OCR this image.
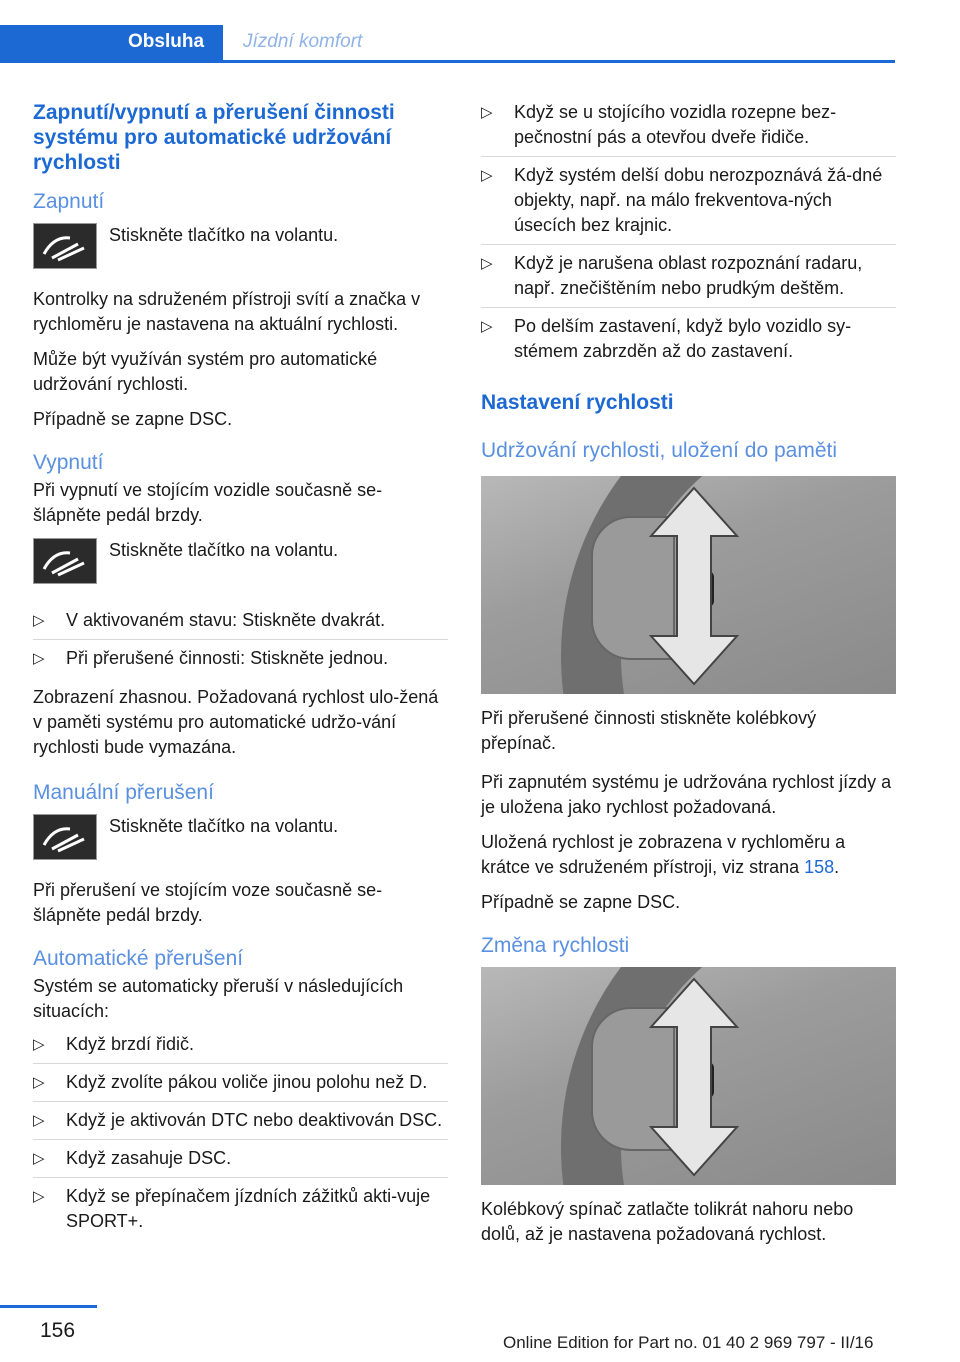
Obsluha Jízdní komfort
Zapnutí/vypnutí a přerušení činnosti systému pro automatické udržování rychlosti
Zapnutí
Stiskněte tlačítko na volantu.

Kontrolky na sdruženém přístroji svítí a značka v rychloměru je nastavena na aktuální rychlosti.

Může být využíván systém pro automatické udržování rychlosti.

Případně se zapne DSC.

Vypnutí

Při vypnutí ve stojícím vozidle současně se-šlápněte pedál brzdy.

Stiskněte tlačítko na volantu.
▷ V aktivovaném stavu: Stiskněte dvakrát.
▷ Při přerušené činnosti: Stiskněte jednou.

Zobrazení zhasnou. Požadovaná rychlost ulo-žená v paměti systému pro automatické udržo-vání rychlosti bude vymazána.

Manuální přerušení
Stiskněte tlačítko na volantu.

Při přerušení ve stojícím voze současně se-šlápněte pedál brzdy.

Automatické přerušení

Systém se automaticky přeruší v následujících situacích:

▷ Když brzdí řidič.
▷ Když zvolíte pákou voliče jinou polohu než D.
▷ Když je aktivován DTC nebo deaktivován DSC.
▷ Když zasahuje DSC.
▷ Když se přepínačem jízdních zážitků akti-vuje SPORT+.
▷ Když se u stojícího vozidla rozepne bez-pečnostní pás a otevřou dveře řidiče.
▷ Když systém delší dobu nerozpoznává žá-dné objekty, např. na málo frekventova-ných úsecích bez krajnic.
▷ Když je narušena oblast rozpoznání radaru, např. znečištěním nebo prudkým deštěm.
▷ Po delším zastavení, když bylo vozidlo sy-stémem zabrzděn až do zastavení.
Nastavení rychlosti
Udržování rychlosti, uložení do paměti

Při přerušené činnosti stiskněte kolébkový přepínač.

Při zapnutém systému je udržována rychlost jízdy a je uložena jako rychlost požadovaná.

Uložená rychlost je zobrazena v rychloměru a krátce ve sdruženém přístroji, viz strana 158.

Případně se zapne DSC.

Změna rychlosti

Kolébkový spínač zatlačte tolikrát nahoru nebo dolů, až je nastavena požadovaná rychlost.

156
Online Edition for Part no. 01 40 2 969 797 - II/16
